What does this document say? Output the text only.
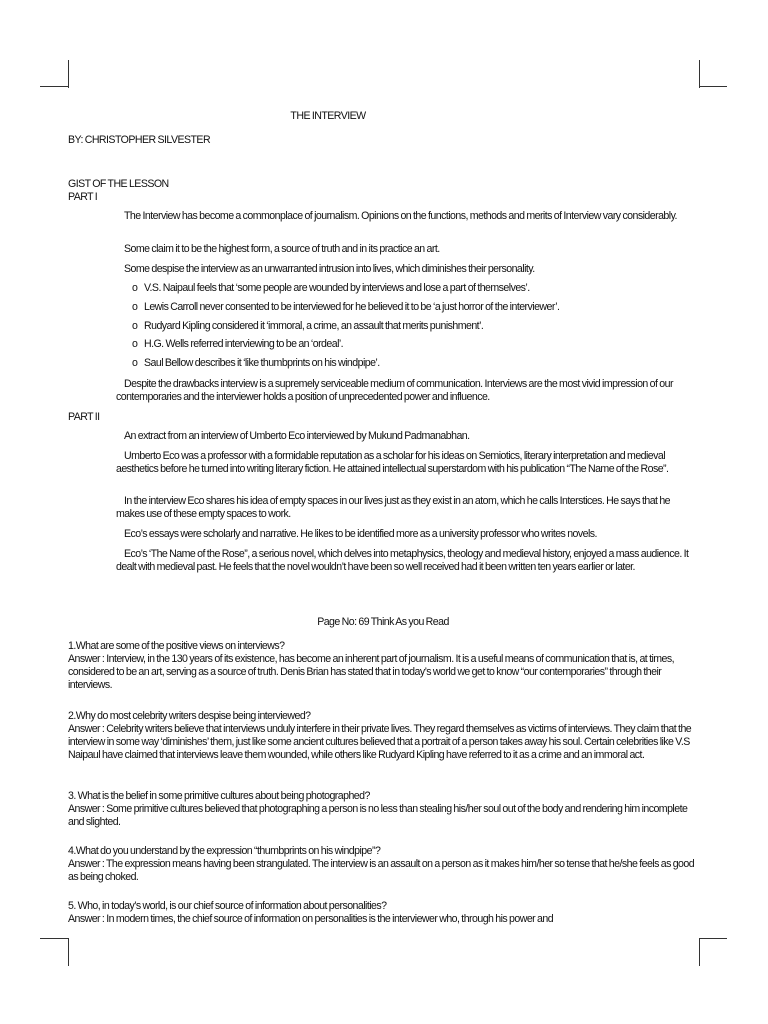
THE INTERVIEW
BY: CHRISTOPHER SILVESTER
GIST OF THE LESSON
PART I
The Interview has become a commonplace of journalism. Opinions on the functions, methods and merits of Interview vary considerably.
Some claim it to be the highest form, a source of truth and in its practice an art.
Some despise the interview as an unwarranted intrusion into lives, which diminishes their personality.
o V.S. Naipaul feels that ‘some people are wounded by interviews and lose a part of themselves’.
o Lewis Carroll never consented to be interviewed for he believed it to be ‘a just horror of the interviewer’.
o Rudyard Kipling considered it ‘immoral, a crime, an assault that merits punishment’.
o H.G. Wells referred interviewing to be an ‘ordeal’.
o Saul Bellow describes it ‘like thumbprints on his windpipe’.
Despite the drawbacks interview is a supremely serviceable medium of communication. Interviews are the most vivid impression of our contemporaries and the interviewer holds a position of unprecedented power and influence.
PART II
An extract from an interview of Umberto Eco interviewed by Mukund Padmanabhan.
Umberto Eco was a professor with a formidable reputation as a scholar for his ideas on Semiotics, literary interpretation and medieval aesthetics before he turned into writing literary fiction. He attained intellectual superstardom with his publication “The Name of the Rose”.
In the interview Eco shares his idea of empty spaces in our lives just as they exist in an atom, which he calls Interstices. He says that he makes use of these empty spaces to work.
Eco’s essays were scholarly and narrative. He likes to be identified more as a university professor who writes novels.
Eco’s ‘The Name of the Rose”, a serious novel, which delves into metaphysics, theology and medieval history, enjoyed a mass audience. It dealt with medieval past. He feels that the novel wouldn’t have been so well received had it been written ten years earlier or later.
Page No: 69 Think As you Read
1.What are some of the positive views on interviews?
Answer : Interview, in the 130 years of its existence, has become an inherent part of journalism. It is a useful means of communication that is, at times, considered to be an art, serving as a source of truth. Denis Brian has stated that in today’s world we get to know “our contemporaries” through their interviews.
2.Why do most celebrity writers despise being interviewed?
Answer : Celebrity writers believe that interviews unduly interfere in their private lives. They regard themselves as victims of interviews. They claim that the interview in some way ‘diminishes’ them, just like some ancient cultures believed that a portrait of a person takes away his soul. Certain celebrities like V.S Naipaul have claimed that interviews leave them wounded, while others like Rudyard Kipling have referred to it as a crime and an immoral act.
3. What is the belief in some primitive cultures about being photographed?
Answer : Some primitive cultures believed that photographing a person is no less than stealing his/her soul out of the body and rendering him incomplete and slighted.
4.What do you understand by the expression “thumbprints on his windpipe”?
Answer : The expression means having been strangulated. The interview is an assault on a person as it makes him/her so tense that he/she feels as good as being choked.
5. Who, in today’s world, is our chief source of information about personalities?
Answer : In modern times, the chief source of information on personalities is the interviewer who, through his power and
